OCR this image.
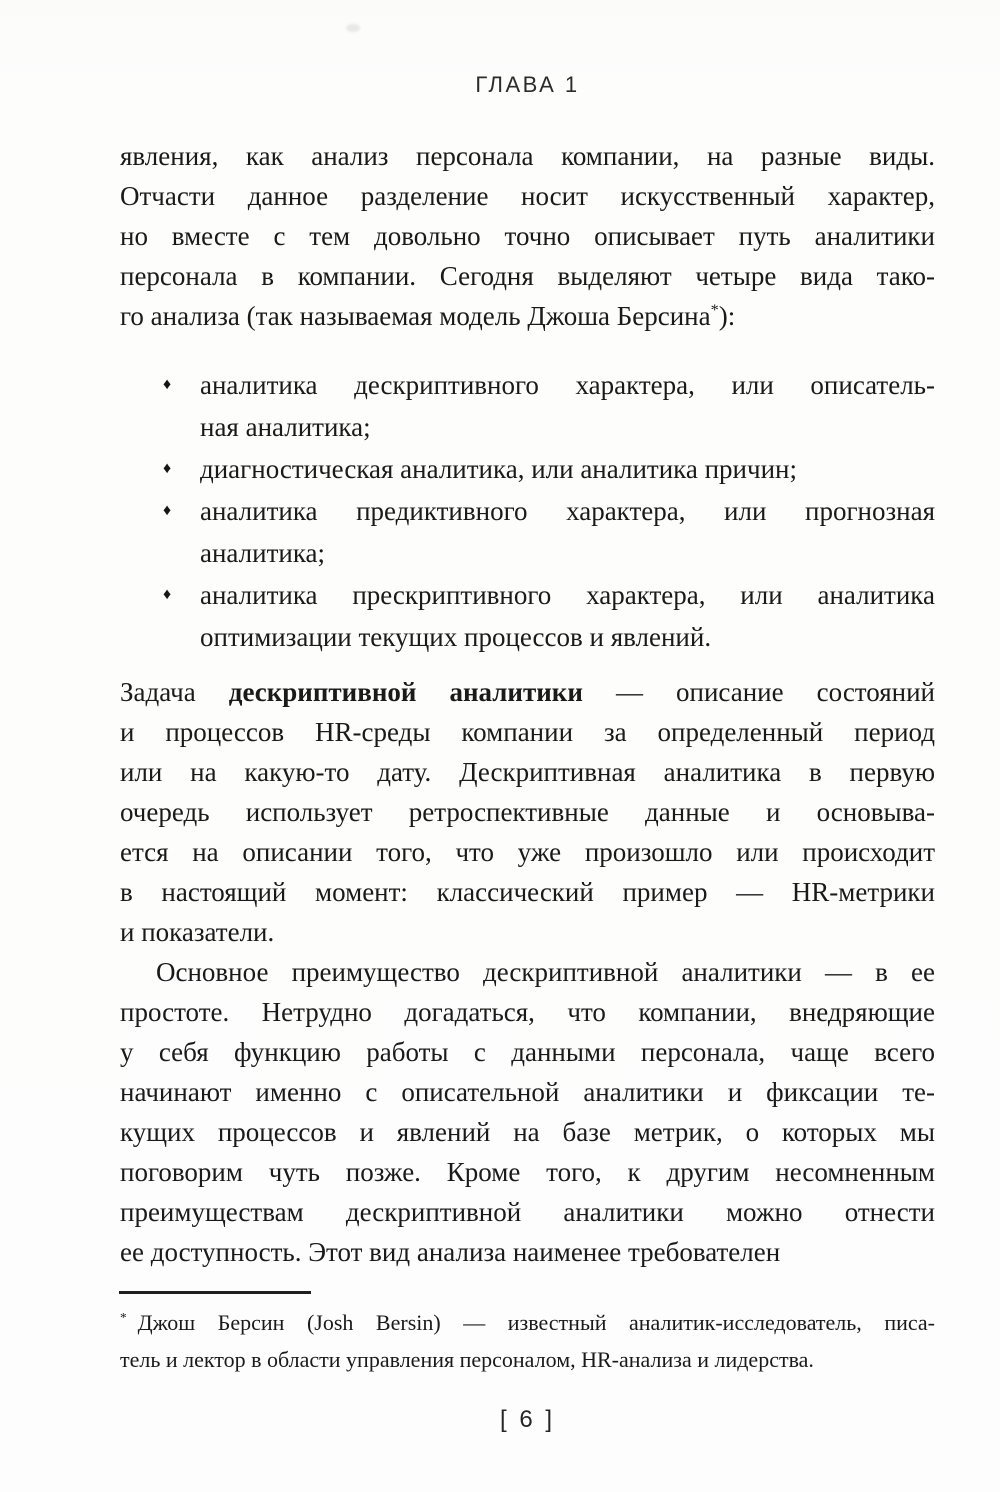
ГЛАВА 1
явления, как анализ персонала компании, на разные виды.
Отчасти данное разделение носит искусственный характер,
но вместе с тем довольно точно описывает путь аналитики
персонала в компании. Сегодня выделяют четыре вида тако-
го анализа (так называемая модель Джоша Берсина*):
♦	аналитика дескриптивного характера, или описатель-
ная аналитика;
♦	диагностическая аналитика, или аналитика причин;
♦	аналитика предиктивного характера, или прогнозная
аналитика;
♦	аналитика прескриптивного характера, или аналитика
оптимизации текущих процессов и явлений.
Задача дескриптивной аналитики — описание состояний
и процессов HR-среды компании за определенный период
или на какую-то дату. Дескриптивная аналитика в первую
очередь использует ретроспективные данные и основыва-
ется на описании того, что уже произошло или происходит
в настоящий момент: классический пример — HR-метрики
и показатели.
Основное преимущество дескриптивной аналитики — в ее
простоте. Нетрудно догадаться, что компании, внедряющие
у себя функцию работы с данными персонала, чаще всего
начинают именно с описательной аналитики и фиксации те-
кущих процессов и явлений на базе метрик, о которых мы
поговорим чуть позже. Кроме того, к другим несомненным
преимуществам дескриптивной аналитики можно отнести
ее доступность. Этот вид анализа наименее требователен
* Джош Берсин (Josh Bersin) — известный аналитик-исследователь, писа-
тель и лектор в области управления персоналом, HR-анализа и лидерства.
[ 6 ]
